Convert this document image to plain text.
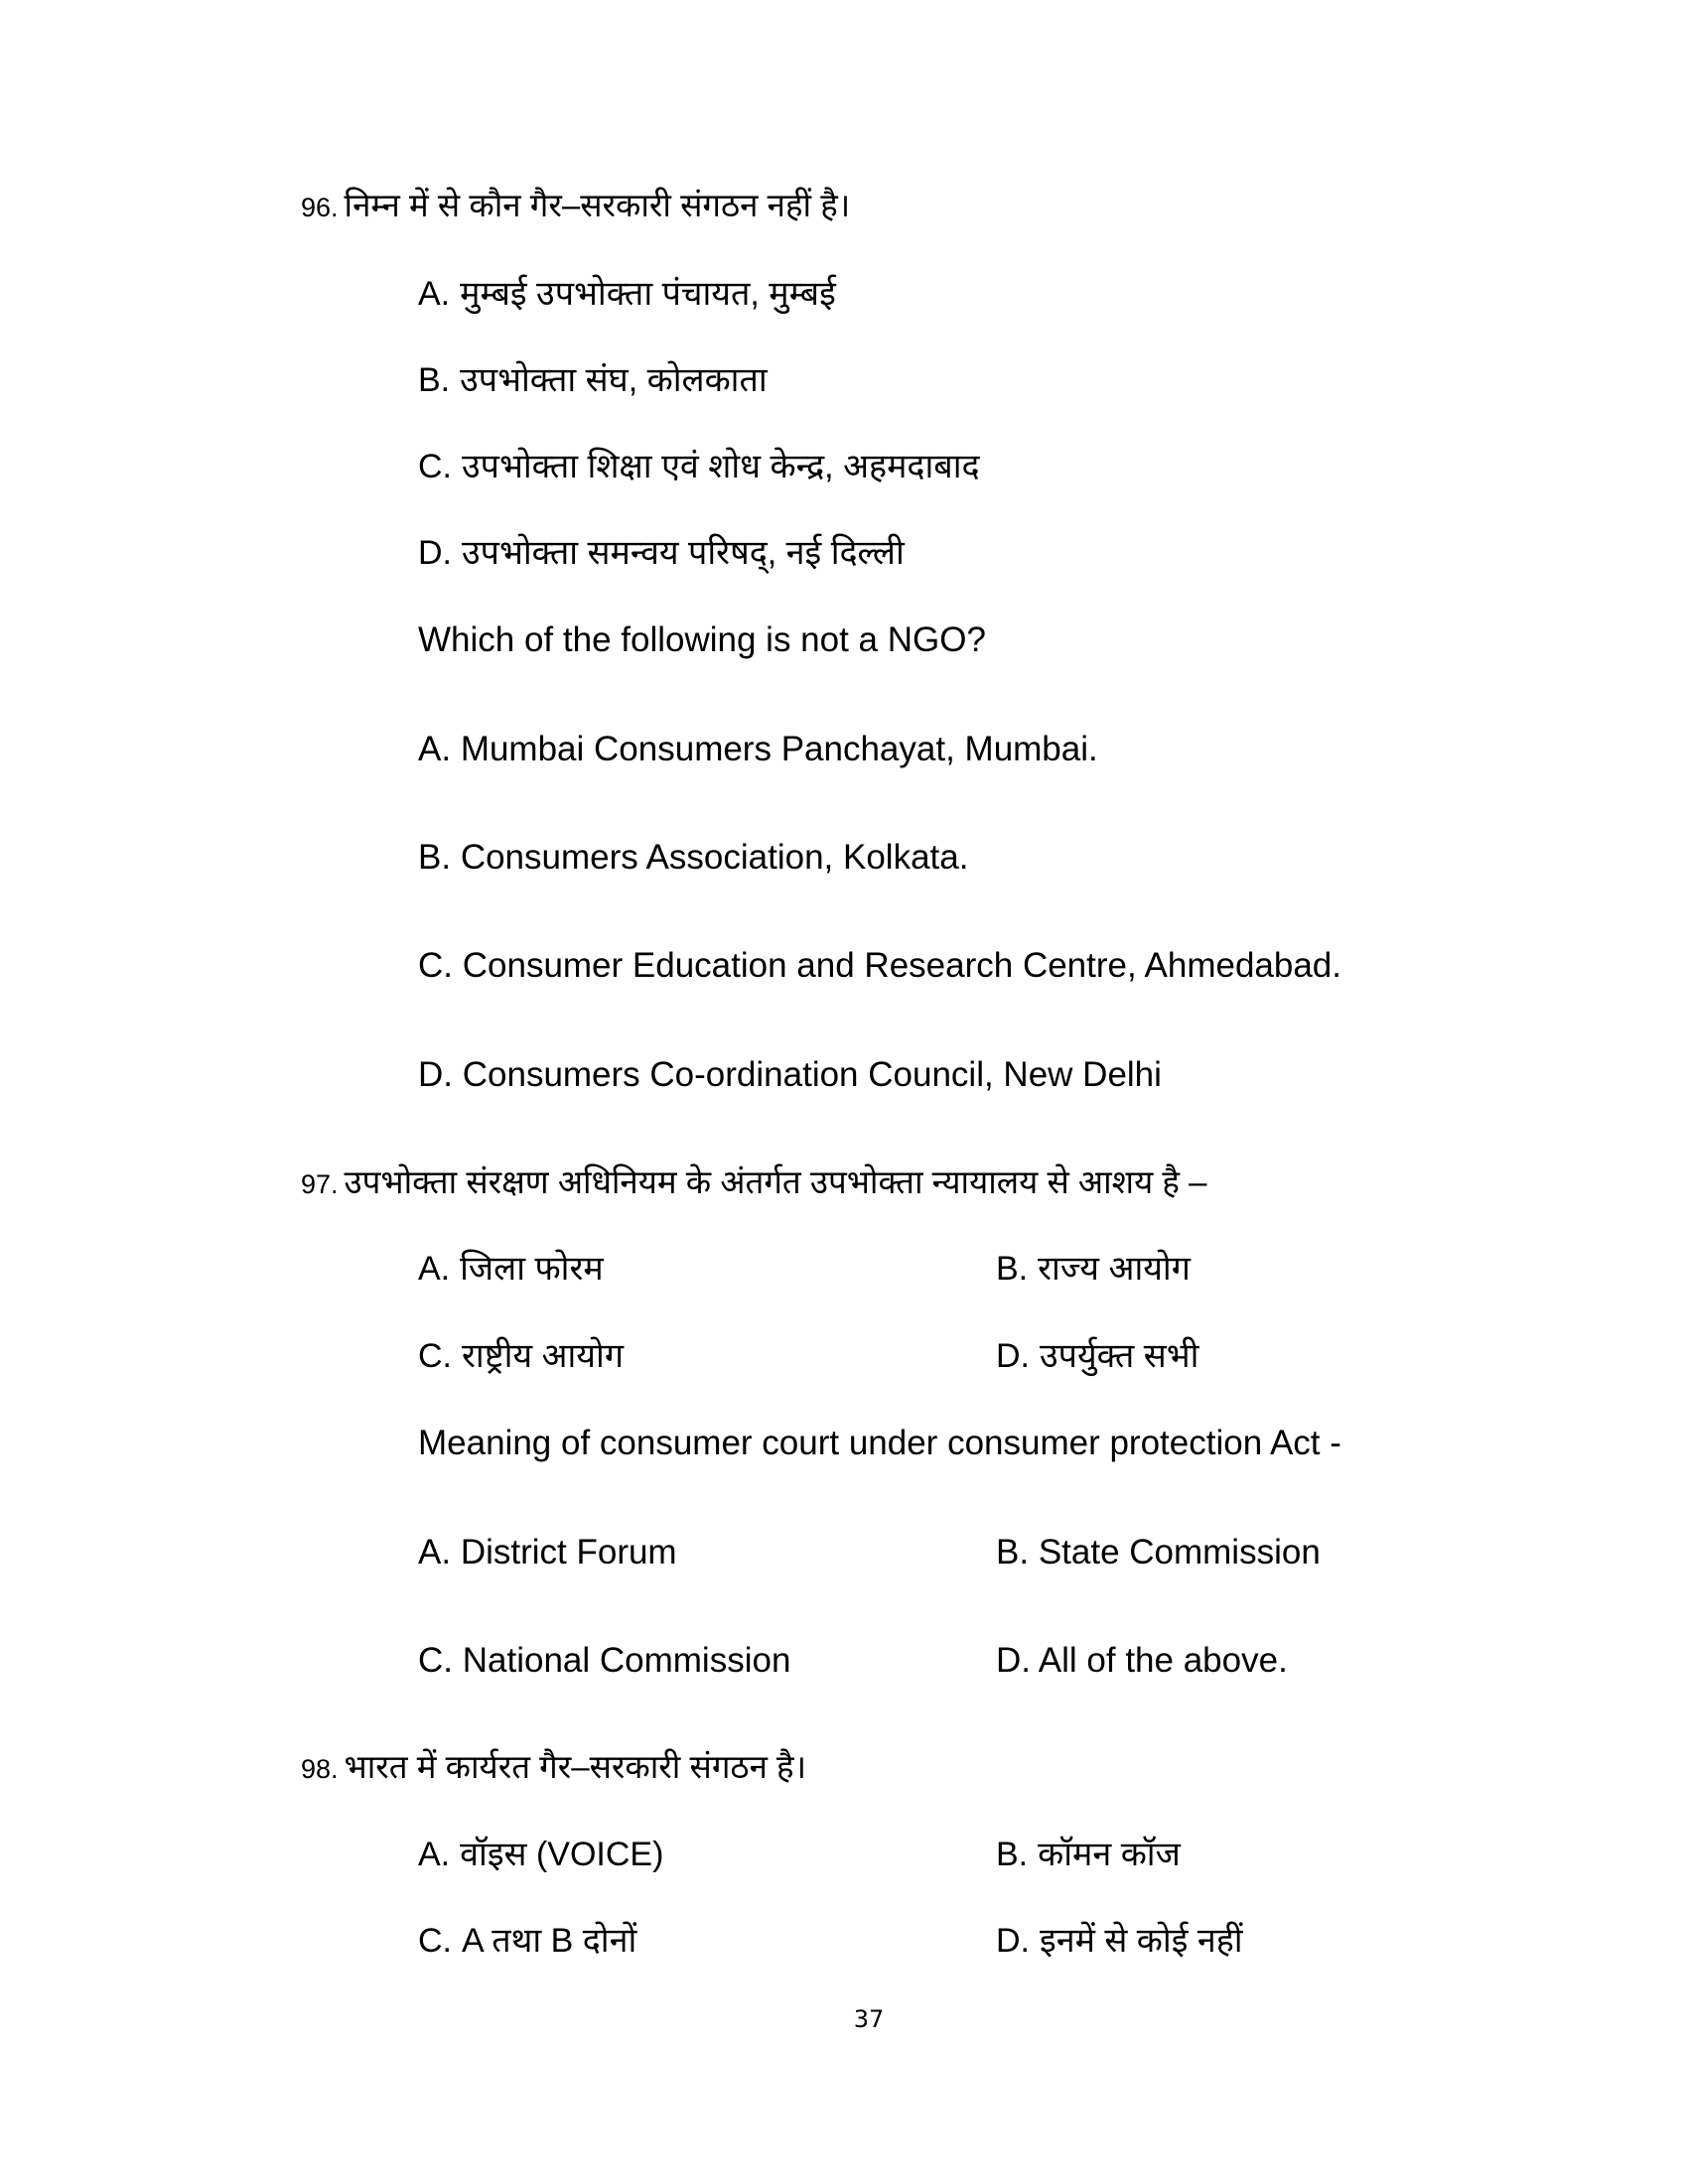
96. निम्न में से कौन गैर–सरकारी संगठन नहीं है।
A. मुम्बई उपभोक्ता पंचायत, मुम्बई
B. उपभोक्ता संघ, कोलकाता
C. उपभोक्ता शिक्षा एवं शोध केन्द्र, अहमदाबाद
D. उपभोक्ता समन्वय परिषद्, नई दिल्ली
Which of the following is not a NGO?
A. Mumbai Consumers Panchayat, Mumbai.
B. Consumers Association, Kolkata.
C. Consumer Education and Research Centre, Ahmedabad.
D. Consumers Co-ordination Council, New Delhi
97. उपभोक्ता संरक्षण अधिनियम के अंतर्गत उपभोक्ता न्यायालय से आशय है –
A. जिला फोरम	B. राज्य आयोग
C. राष्ट्रीय आयोग	D. उपर्युक्त सभी
Meaning of consumer court under consumer protection Act -
A. District Forum	B. State Commission
C. National Commission	D. All of the above.
98. भारत में कार्यरत गैर–सरकारी संगठन है।
A. वॉइस (VOICE)	B. कॉमन कॉज
C. A तथा B दोनों	D. इनमें से कोई नहीं
37
